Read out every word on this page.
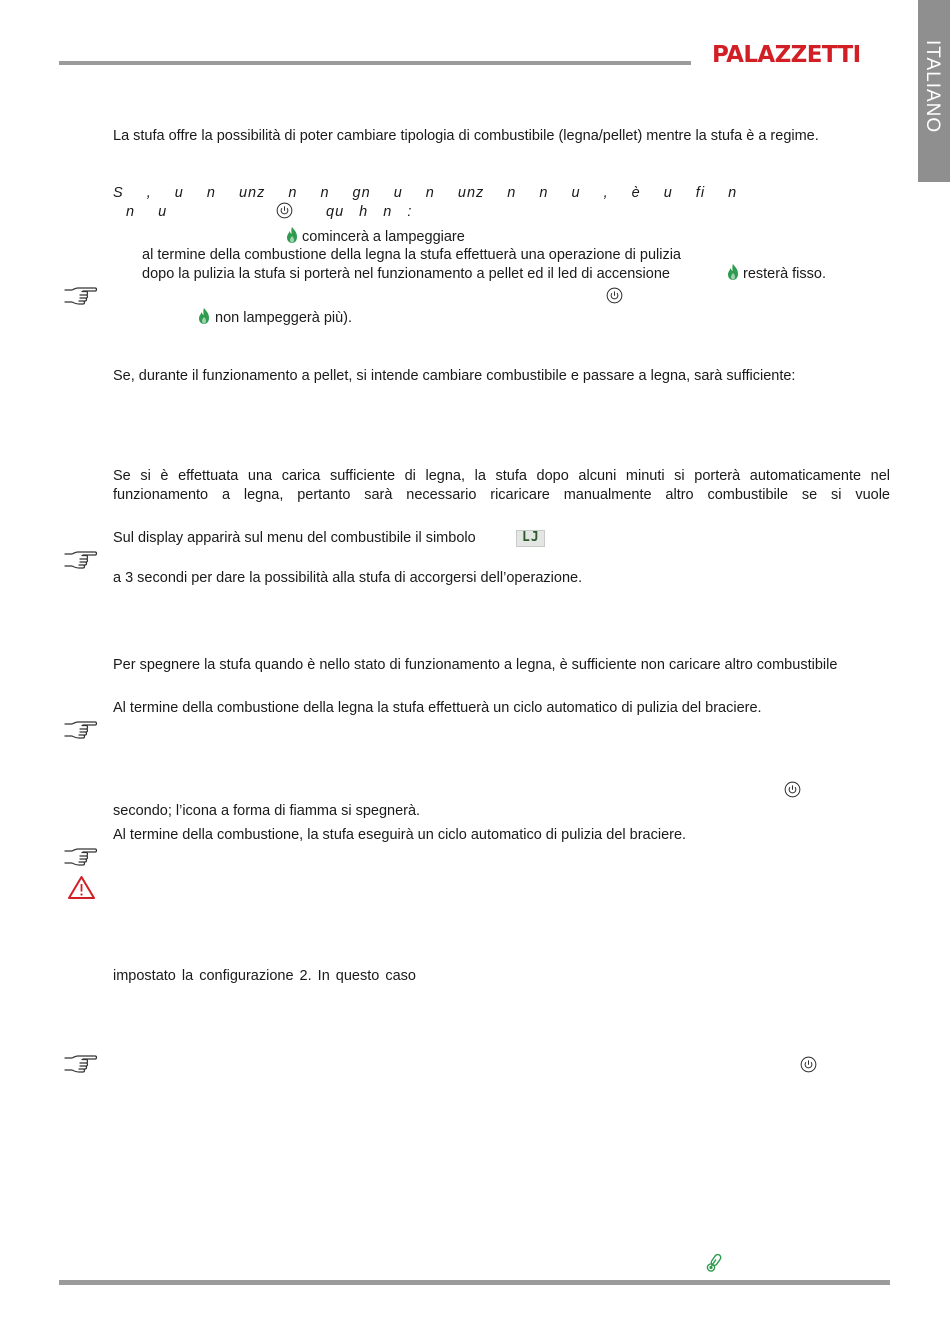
PALAZZETTI	ITALIANO
La stufa offre la possibilità di poter cambiare tipologia di combustibile (legna/pellet) mentre la stufa è a regime.
S , u n unz n n gn u n unz n n u , è u fi n
n u	qu h n :
comincerà a lampeggiare
al termine della combustione della legna la stufa effettuerà una operazione di pulizia
dopo la pulizia la stufa si porterà nel funzionamento a pellet ed il led di accensione	resterà fisso.
non lampeggerà più).
Se, durante il funzionamento a pellet, si intende cambiare combustibile e passare a legna, sarà sufficiente:
Se si è effettuata una carica sufficiente di legna, la stufa dopo alcuni minuti si porterà automaticamente nel funzionamento a legna, pertanto sarà necessario ricaricare manualmente altro combustibile se si vuole
Sul display apparirà sul menu del combustibile il simbolo	LJ
a 3 secondi per dare la possibilità alla stufa di accorgersi dell’operazione.
Per spegnere la stufa quando è nello stato di funzionamento a legna, è sufficiente non caricare altro combustibile
Al termine della combustione della legna la stufa effettuerà un ciclo automatico di pulizia del braciere.
secondo; l’icona a forma di fiamma si spegnerà.
Al termine della combustione, la stufa eseguirà un ciclo automatico di pulizia del braciere.
impostato la configurazione 2. In questo caso
